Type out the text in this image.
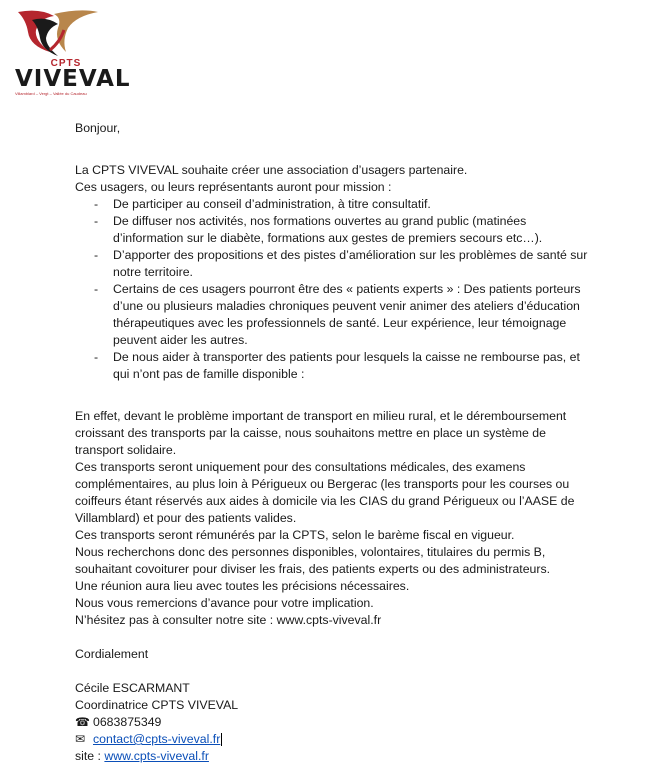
CPTS
VIVEVAL
Villamblard – Vergt – Vallée du Caudeau

Bonjour,

La CPTS VIVEVAL souhaite créer une association d’usagers partenaire.

Ces usagers, ou leurs représentants auront pour mission :

- De participer au conseil d’administration, à titre consultatif.
- De diffuser nos activités, nos formations ouvertes au grand public (matinées d’information sur le diabète, formations aux gestes de premiers secours etc…).
- D’apporter des propositions et des pistes d’amélioration sur les problèmes de santé sur notre territoire.
- Certains de ces usagers pourront être des « patients experts » : Des patients porteurs d’une ou plusieurs maladies chroniques peuvent venir animer des ateliers d’éducation thérapeutiques avec les professionnels de santé. Leur expérience, leur témoignage peuvent aider les autres.
- De nous aider à transporter des patients pour lesquels la caisse ne rembourse pas, et qui n’ont pas de famille disponible :

En effet, devant le problème important de transport en milieu rural, et le déremboursement croissant des transports par la caisse, nous souhaitons mettre en place un système de transport solidaire.

Ces transports seront uniquement pour des consultations médicales, des examens complémentaires, au plus loin à Périgueux ou Bergerac (les transports pour les courses ou coiffeurs étant réservés aux aides à domicile via les CIAS du grand Périgueux ou l’AASE de Villamblard) et pour des patients valides.

Ces transports seront rémunérés par la CPTS, selon le barème fiscal en vigueur.

Nous recherchons donc des personnes disponibles, volontaires, titulaires du permis B, souhaitant covoiturer pour diviser les frais, des patients experts ou des administrateurs.

Une réunion aura lieu avec toutes les précisions nécessaires.

Nous vous remercions d’avance pour votre implication.

N’hésitez pas à consulter notre site : www.cpts-viveval.fr

Cordialement

Cécile ESCARMANT

Coordinatrice CPTS VIVEVAL

☎ 0683875349

✉ contact@cpts-viveval.fr

site : www.cpts-viveval.fr
